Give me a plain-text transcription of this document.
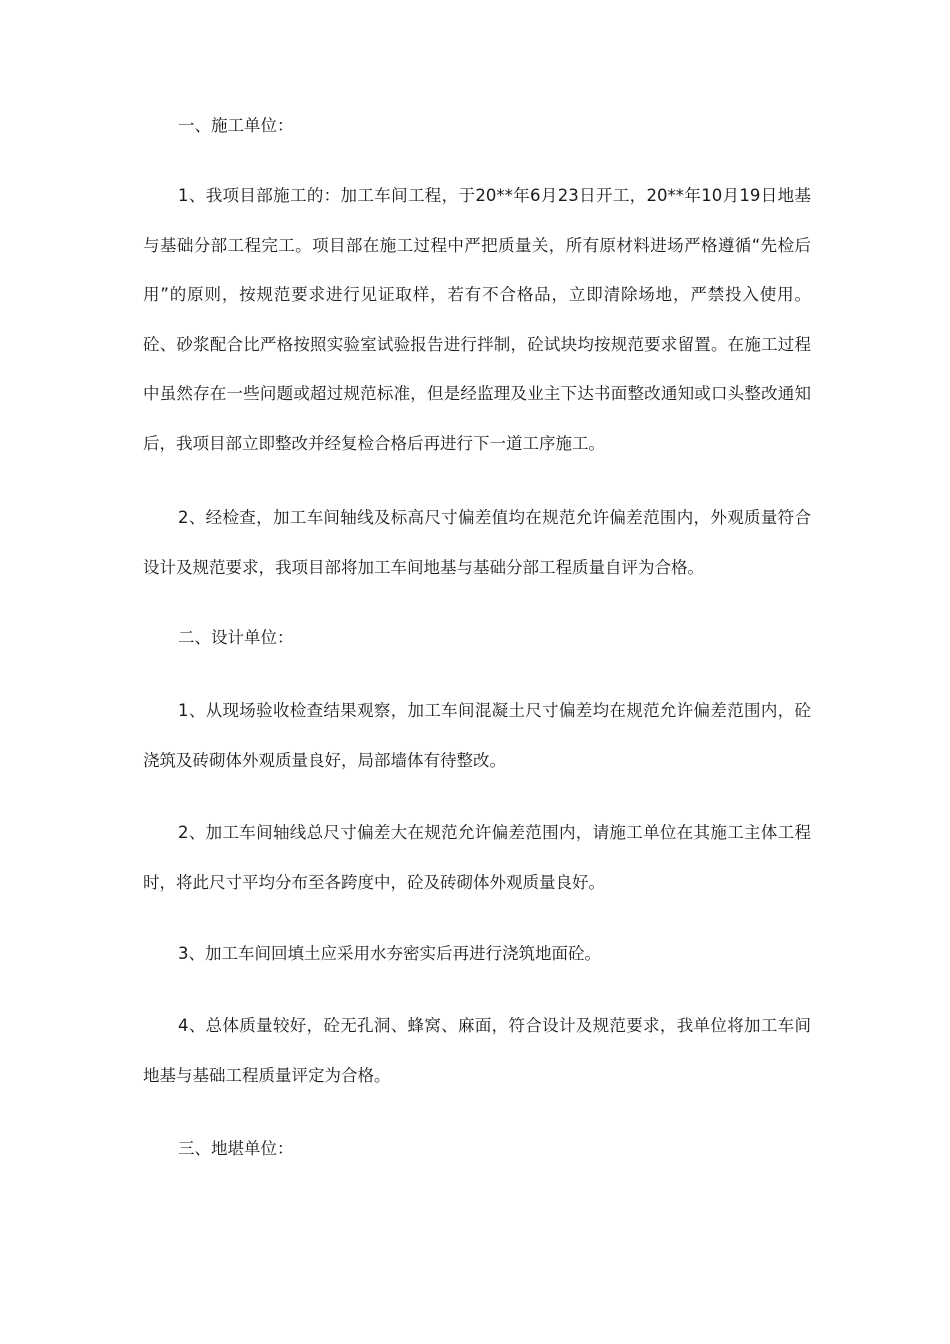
一、施工单位：

1、我项目部施工的：加工车间工程，于20**年6月23日开工，20**年10月19日地基与基础分部工程完工。项目部在施工过程中严把质量关，所有原材料进场严格遵循“先检后用”的原则，按规范要求进行见证取样，若有不合格品，立即清除场地，严禁投入使用。砼、砂浆配合比严格按照实验室试验报告进行拌制，砼试块均按规范要求留置。在施工过程中虽然存在一些问题或超过规范标准，但是经监理及业主下达书面整改通知或口头整改通知后，我项目部立即整改并经复检合格后再进行下一道工序施工。

2、经检查，加工车间轴线及标高尺寸偏差值均在规范允许偏差范围内，外观质量符合设计及规范要求，我项目部将加工车间地基与基础分部工程质量自评为合格。

二、设计单位：

1、从现场验收检查结果观察，加工车间混凝土尺寸偏差均在规范允许偏差范围内，砼浇筑及砖砌体外观质量良好，局部墙体有待整改。

2、加工车间轴线总尺寸偏差大在规范允许偏差范围内，请施工单位在其施工主体工程时，将此尺寸平均分布至各跨度中，砼及砖砌体外观质量良好。

3、加工车间回填土应采用水夯密实后再进行浇筑地面砼。

4、总体质量较好，砼无孔洞、蜂窝、麻面，符合设计及规范要求，我单位将加工车间地基与基础工程质量评定为合格。

三、地堪单位：
